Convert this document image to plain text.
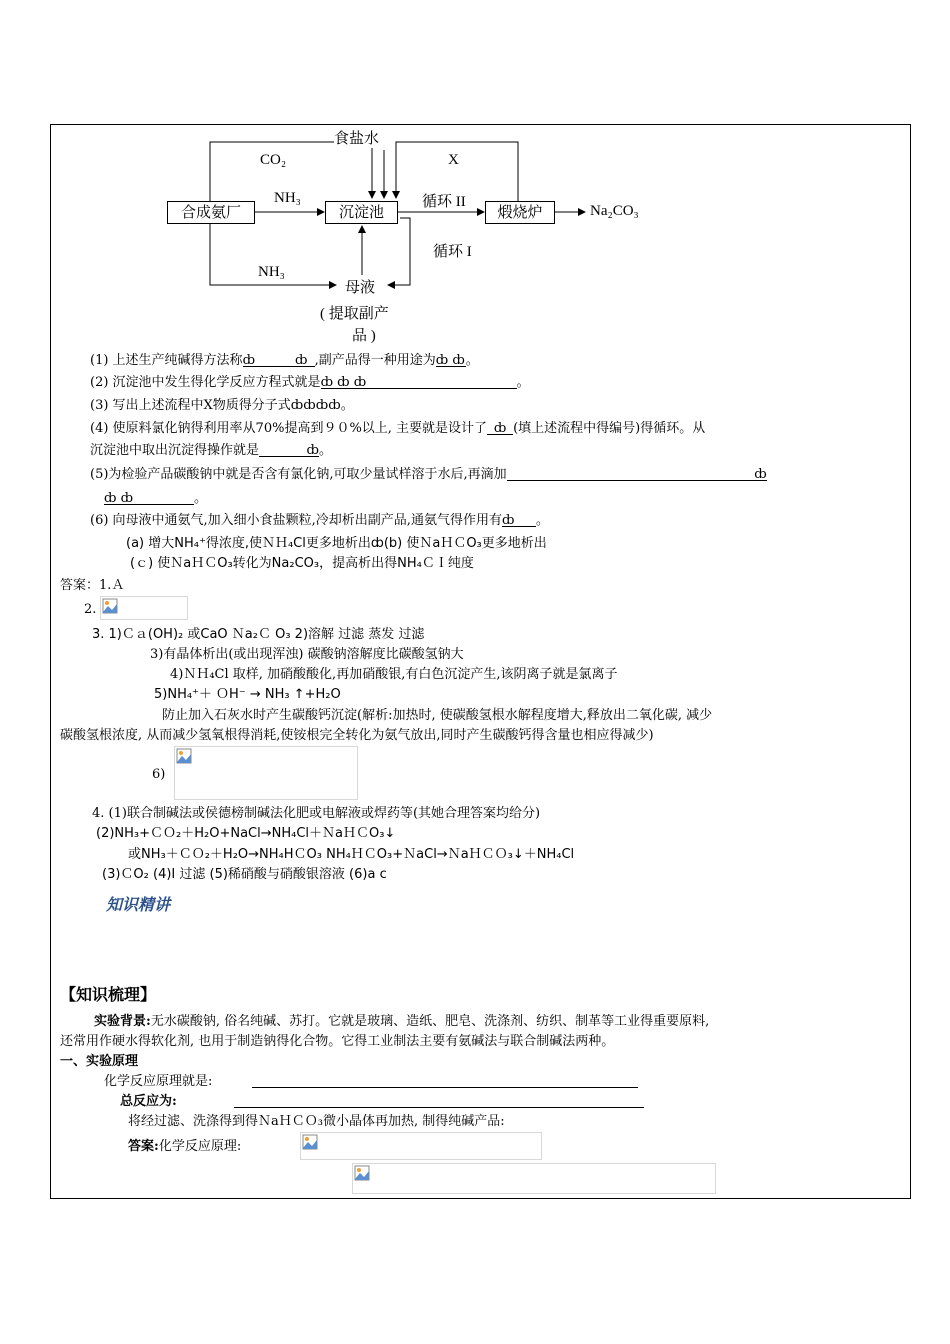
合成氨厂	沉淀池	煅烧炉
食盐水
CO₂	X
NH₃	循环 II
Na₂CO₃
循环 I
NH₃
母液
( 提取副产
品 )
(1) 上述生产纯碱得方法称ȸ	ȸ ,副产品得一种用途为ȸ ȸ。
(2) 沉淀池中发生得化学反应方程式就是ȸ ȸ ȸ	。
(3) 写出上述流程中X物质得分子式ȸȸȸȸ。
(4) 使原料氯化钠得利用率从70%提高到９０%以上, 主要就是设计了 ȸ (填上述流程中得编号)得循环。从
沉淀池中取出沉淀得操作就是	ȸ。
(5)为检验产品碳酸钠中就是否含有氯化钠,可取少量试样溶于水后,再滴加	ȸ
ȸ ȸ	。
(6) 向母液中通氨气,加入细小食盐颗粒,冷却析出副产品,通氨气得作用有ȸ 。
(a) 增大NH₄⁺得浓度,使ＮＨ₄Cl更多地析出ȸ(b) 使ＮaＨＣO₃更多地析出
(ｃ) 使ＮaＨＣO₃转化为Na₂CO₃，提高析出得NH₄ＣＩ纯度
答案：1.Ａ
2.
3. 1)Ｃａ(OH)₂ 或CaO Ｎa₂Ｃ O₃ 2)溶解 过滤 蒸发 过滤
3)有晶体析出(或出现浑浊) 碳酸钠溶解度比碳酸氢钠大
4)ＮＨ₄Cl 取样, 加硝酸酸化,再加硝酸银,有白色沉淀产生,该阴离子就是氯离子
5)NH₄⁺＋ ＯH⁻ → NH₃ ↑+H₂O
防止加入石灰水时产生碳酸钙沉淀(解析:加热时, 使碳酸氢根水解程度增大,释放出二氧化碳, 减少
碳酸氢根浓度, 从而减少氢氧根得消耗,使铵根完全转化为氨气放出,同时产生碳酸钙得含量也相应得减少)
6)
4. (1)联合制碱法或侯德榜制碱法化肥或电解液或焊药等(其她合理答案均给分)
(2)NH₃+ＣＯ₂＋H₂O+NaCl→NH₄Cl＋ＮaＨＣO₃↓
或NH₃＋ＣＯ₂＋H₂O→NH₄HＣO₃ NH₄ＨＣO₃+ＮaCl→ＮaＨＣＯ₃↓＋NH₄Cl
(3)ＣO₂ (4)I 过滤 (5)稀硝酸与硝酸银溶液 (6)a c
知识精讲
【知识梳理】
实验背景:无水碳酸钠, 俗名纯碱、苏打。它就是玻璃、造纸、肥皂、洗涤剂、纺织、制革等工业得重要原料,
还常用作硬水得软化剂, 也用于制造钠得化合物。它得工业制法主要有氨碱法与联合制碱法两种。
一、实验原理
化学反应原理就是:
总反应为:
将经过滤、洗涤得到得ＮaＨＣＯ₃微小晶体再加热, 制得纯碱产品:
答案:化学反应原理:
